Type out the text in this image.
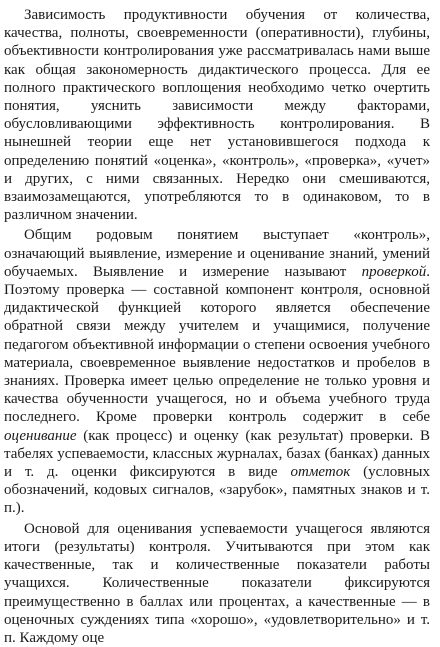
Зависимость продуктивности обучения от количества, качества, полноты, своевременности (оперативности), глубины, объективности контролирования уже рассматривалась нами выше как общая закономерность дидактического процесса. Для ее полного практического воплощения необходимо четко очертить понятия, уяснить зависимости между факторами, обусловливающими эффективность контролирования. В нынешней теории еще нет установившегося подхода к определению понятий «оценка», «контроль», «проверка», «учет» и других, с ними связанных. Нередко они смешиваются, взаимозамещаются, употребляются то в одинаковом, то в различном значении.

Общим родовым понятием выступает «контроль», означающий выявление, измерение и оценивание знаний, умений обучаемых. Выявление и измерение называют проверкой. Поэтому проверка — составной компонент контроля, основной дидактической функцией которого является обеспечение обратной связи между учителем и учащимися, получение педагогом объективной информации о степени освоения учебного материала, своевременное выявление недостатков и пробелов в знаниях. Проверка имеет целью определение не только уровня и качества обученности учащегося, но и объема учебного труда последнего. Кроме проверки контроль содержит в себе оценивание (как процесс) и оценку (как результат) проверки. В табелях успеваемости, классных журналах, базах (банках) данных и т. д. оценки фиксируются в виде отметок (условных обозначений, кодовых сигналов, «зарубок», памятных знаков и т. п.).

Основой для оценивания успеваемости учащегося являются итоги (результаты) контроля. Учитываются при этом как качественные, так и количественные показатели работы учащихся. Количественные показатели фиксируются преимущественно в баллах или процентах, а качественные — в оценочных суждениях типа «хорошо», «удовлетворительно» и т. п. Каждому оце
